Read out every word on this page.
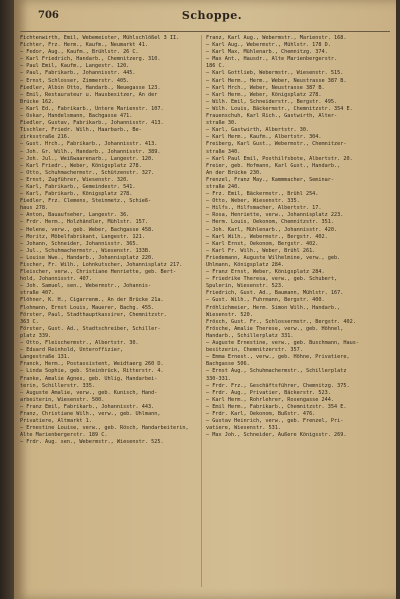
706	Schoppe.
Fichtenwirth, Emil, Webemeister, Mühlschlößel 3 II.
Fichter, Frz. Herm., Kaufm., Neumarkt 41.
— Fedor, Aug., Kaufm., Brühlstr. 26 C.
— Karl Friedrich, Handarb., Chemnitzerg. 310.
— Paul Emil, Kaufm., Langestr. 120.
— Paul, Fabrikarb., Johannisstr. 445.
— Ernst, Schlosser, Zimmerstr. 405.
Fiedler, Albin Otto, Handarb., Neuegasse 123.
— Emil, Restaurateur u. Hausbesitzer, An der
Brücke 162.
— Karl Ed., Fabrikarb., Untere Marienstr. 107.
— Oskar, Handelsmann, Bachgasse 471.
Fiedler, Gustav, Fabrikarb., Johannisstr. 413.
Tischler, Friedr. Wilh., Haarbarb., Be-
zirksstraße 216.
— Gust. Hrch., Fabrikarb., Johannisstr. 413.
— Joh. Gr. Wilh., Handarb., Johannisstr. 389.
— Joh. Jul., Weißwaarenarb., Langestr. 120.
— Karl Friedr., Weber, Königsplatz 278.
— Otto, Schuhmachermstr., Schützenstr. 327.
— Ernst, Zugführer, Wiesenstr. 320.
— Karl, Fabrikarb., Gemeindestr. 541.
— Karl, Fabrikarb., Königsplatz 278.
Fiedler, Frz. Clemens, Steinmetz., Schieß-
haus 278.
— Anton, Bauaufseher, Langestr. 36.
— Frdr. Herm., Holzhändler, Mühlstr. 157.
— Helene, verw., geb. Weber, Bachgasse 458.
— Moritz, Möbelfabrikant, Langestr. 121.
— Johann, Schneider, Johannisstr. 365.
— Jul., Schuhmachermstr., Wiesenstr. 133B.
— Louise Wwe., Handarb., Johannisplatz 220.
Fischer, Fr. Wilh., Lohnkutscher, Johannisplatz 217.
Fleischer, verw., Christiane Henriette, geb. Bert-
hold, Johannisstr. 407.
— Joh. Samuel, sen., Webermstr., Johannis-
straße 407.
Flöhner, K. H., Cigarrenm., An der Brücke 21a.
Flohmann, Ernst Louis, Mauerer, Bachg. 455.
Förster, Paul, Stadthauptkassirer, Chemnitzstr.
363 C.
Förster, Gust. Ad., Stadtschreiber, Schiller-
platz 339.
— Otto, Fleischermstr., Albertstr. 30.
— Eduard Reinhold, Unteroffizier,
Langestraße 131.
Franck, Herm., Postassistent, Weidtaerg 260 D.
— Linda Sophie, geb. Steinbrück, Ritterstr. 4.
Franke, Amalie Agnes, geb. Uhlig, Handarbei-
terin, Schillerstr. 335.
— Auguste Amalie, verw., geb. Kunisch, Hand-
arbeiterin, Wiesenstr. 500.
— Franz Emil, Fabrikarb., Johannisstr. 443.
Franz, Christiane Wilh., verw., geb. Uhlmann,
Privatiere, Altmarkt 1.
— Ernestine Louise, verw., geb. Rösch, Handarbeiterin,
Alte Marienbergerstr. 189 C.
— Frdr. Aug. sen., Webermstr., Wiesenstr. 525.
Franz, Karl Aug., Webermstr., Marienstr. 168.
— Karl Aug., Webermstr., Mühlstr. 178 D.
— Karl Max, Mühlenarb., Chemnitzg. 374.
— Max Ant., Hausdr., Alte Marienbergerstr.
186 C.
— Karl Gottlieb, Webermstr., Wiesenstr. 515.
— Karl Herm., Herm., Weber, Neustrasse 387 B.
— Karl Hrch., Weber, Neustrasse 387 B.
— Karl Herm., Weber, Königsplatz 278.
— Wilh. Emil, Schneiderstr., Bergstr. 495.
— Wilh. Louis, Bäckermstr., Chemnitzstr. 354 E.
Frauenschuh, Karl Rich., Gastwirth, Alter-
straße 30.
— Karl, Gastwirth, Albertstr. 30.
— Karl Herm., Kaufm., Albertstr. 304.
Freiberg, Karl Gust., Webermstr., Chemnitzer-
straße 340.
— Karl Paul Emil, Posthilfsbote, Albertstr. 20.
Freier, geb. Hofmann, Karl Gust., Handarb.,
An der Brücke 230.
Frenzel, Franz May., Kammmacher, Seminar-
straße 240.
— Frz. Emil, Bäckermstr., Brühl 254.
— Otto, Weber, Wiesenstr. 335.
— Hilfs., Hilfsmacher, Albertstr. 17.
— Rosa, Henriette, verw., Johannisplatz 223.
— Herm. Louis, Oekonom, Chemnitzstr. 351.
— Joh. Karl, Mühlenarb., Johannisstr. 420.
— Karl Wilh., Webermstr., Bergstr. 402.
— Karl Ernst, Oekonom, Bergstr. 402.
— Karl Fr. Wilh., Weber, Brühl 261.
Friedemann, Auguste Wilhelmine, verw., geb.
Uhlmann, Königsplatz 284.
— Franz Ernst, Weber, Königsplatz 284.
— Friedrike Theresa, verw., geb. Schubert,
Spulerin, Wiesenstr. 523.
Friedrich, Gust. Ad., Baumann, Mühlstr. 167.
— Gust. Wilh., Fuhrmann, Bergstr. 400.
Fröhlichmeier, Herm. Simon Wilh., Handarb.,
Wiesenstr. 520.
Frösch, Gust. Fr., Schlossermstr., Bergstr. 402.
Frösche, Amalie Therese, verw., geb. Höhnel,
Handarb., Schillerplatz 331.
— Auguste Ernestine, verw., geb. Buschmann, Haus-
besitzerin, Chemnitzerstr. 357.
— Emma Ernest., verw., geb. Höhne, Privatiere,
Bachgasse 506.
— Ernst Aug., Schuhmachermstr., Schillerplatz
330-331.
— Frdr. Frz., Geschäftsführer, Chemnitzg. 375.
— Frdr. Aug., Privatier, Bäckerstr. 523.
— Karl Herm., Rohrlehrer, Rosengasse 244.
— Emil Herm., Fabrikarb., Chemnitzstr. 354 E.
— Frdr. Karl, Oekonom, Bußstr. 476.
— Gustav Heinrich, verw., geb. Frenzel, Pri-
vatiere, Wiesenstr. 531.
— Max Joh., Schneider, Äußere Königsstr. 269.
